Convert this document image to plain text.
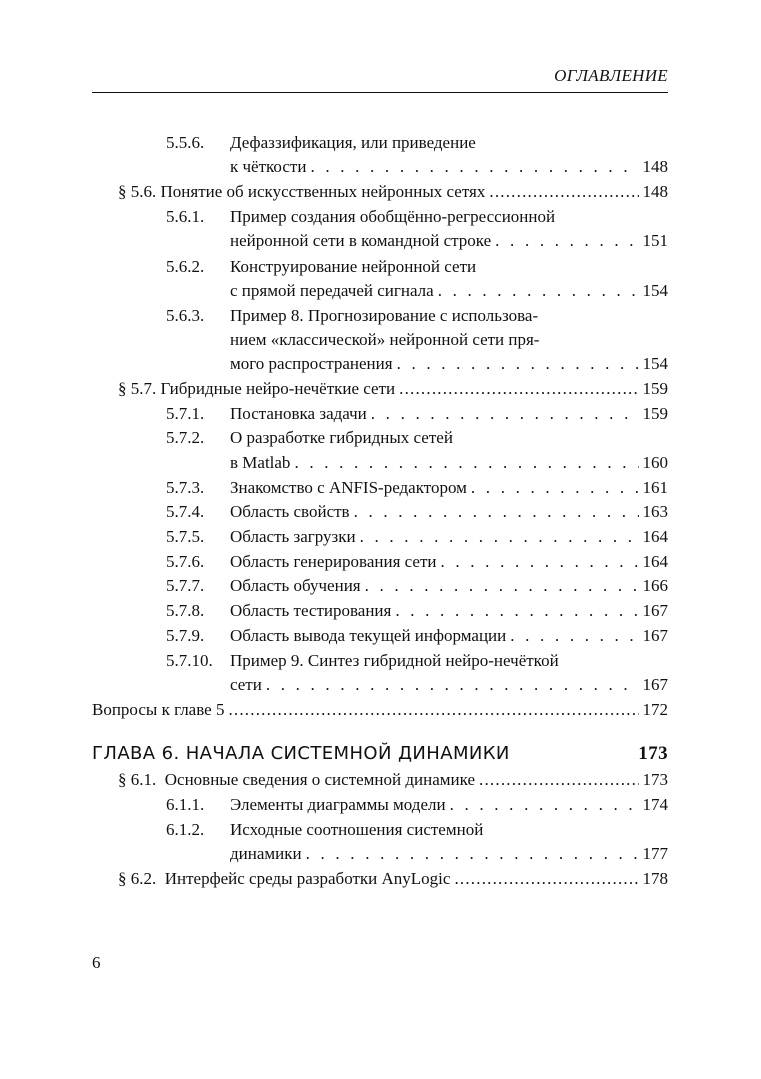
ОГЛАВЛЕНИЕ
5.5.6. Дефаззификация, или приведение
к чёткости . . .	148
§ 5.6. Понятие об искусственных нейронных сетях .....	148
5.6.1. Пример создания обобщённо-регрессионной
нейронной сети в командной строке . . .	151
5.6.2. Конструирование нейронной сети
с прямой передачей сигнала . . .	154
5.6.3. Пример 8. Прогнозирование с использова-
нием «классической» нейронной сети пря-
мого распространения . . .	154
§ 5.7. Гибридные нейро-нечёткие сети .....	159
5.7.1. Постановка задачи . . .	159
5.7.2. О разработке гибридных сетей
в Matlab . . .	160
5.7.3. Знакомство с ANFIS-редактором . . .	161
5.7.4. Область свойств . . .	163
5.7.5. Область загрузки . . .	164
5.7.6. Область генерирования сети . . .	164
5.7.7. Область обучения . . .	166
5.7.8. Область тестирования . . .	167
5.7.9. Область вывода текущей информации . . .	167
5.7.10. Пример 9. Синтез гибридной нейро-нечёткой
сети . . .	167
Вопросы к главе 5 .....	172
ГЛАВА 6. НАЧАЛА СИСТЕМНОЙ ДИНАМИКИ	173
§ 6.1.  Основные сведения о системной динамике .....	173
6.1.1. Элементы диаграммы модели . . .	174
6.1.2. Исходные соотношения системной
динамики . . .	177
§ 6.2.  Интерфейс среды разработки AnyLogic .....	178
6
